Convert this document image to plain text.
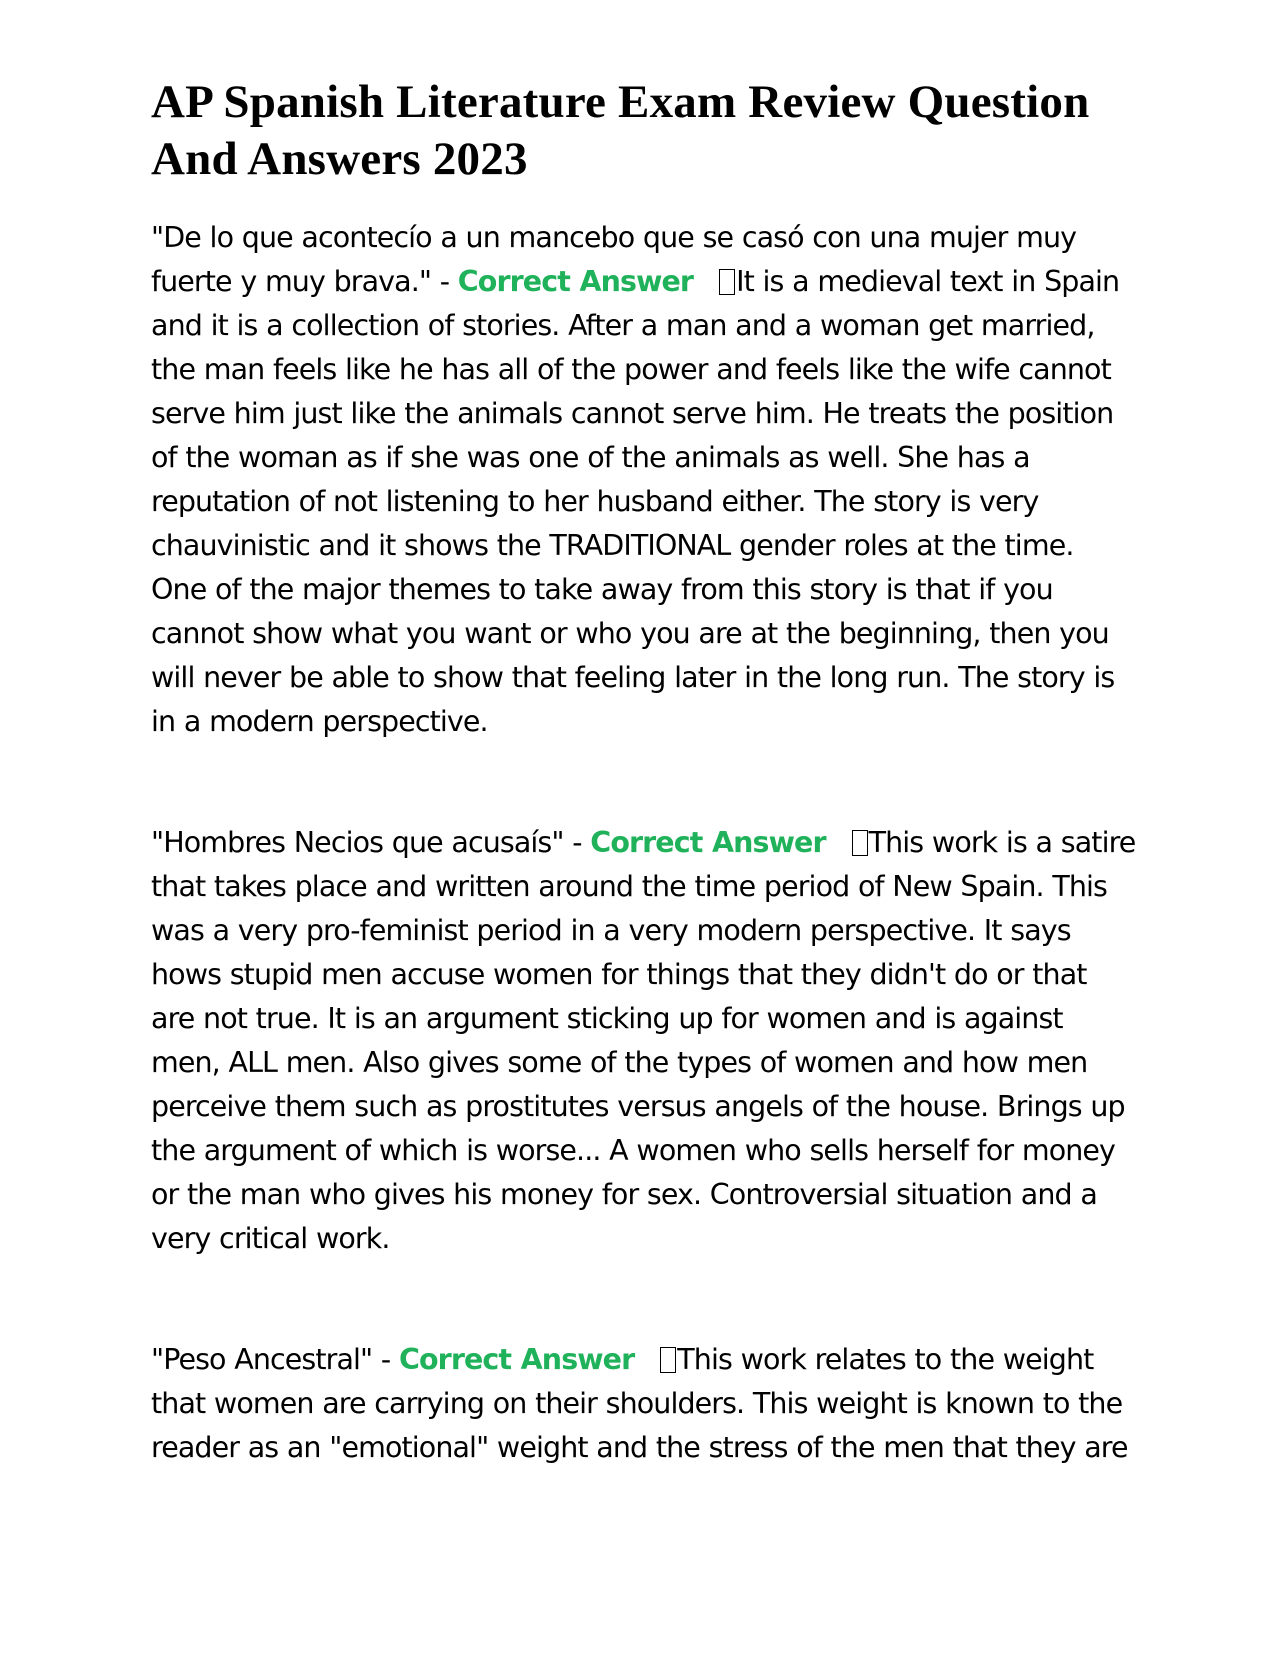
AP Spanish Literature Exam Review Question And Answers 2023

"De lo que acontecío a un mancebo que se casó con una mujer muy fuerte y muy brava." - Correct Answer It is a medieval text in Spain and it is a collection of stories. After a man and a woman get married, the man feels like he has all of the power and feels like the wife cannot serve him just like the animals cannot serve him. He treats the position of the woman as if she was one of the animals as well. She has a reputation of not listening to her husband either. The story is very chauvinistic and it shows the TRADITIONAL gender roles at the time. One of the major themes to take away from this story is that if you cannot show what you want or who you are at the beginning, then you will never be able to show that feeling later in the long run. The story is in a modern perspective.

"Hombres Necios que acusaís" - Correct Answer This work is a satire that takes place and written around the time period of New Spain. This was a very pro-feminist period in a very modern perspective. It says hows stupid men accuse women for things that they didn't do or that are not true. It is an argument sticking up for women and is against men, ALL men. Also gives some of the types of women and how men perceive them such as prostitutes versus angels of the house. Brings up the argument of which is worse... A women who sells herself for money or the man who gives his money for sex. Controversial situation and a very critical work.

"Peso Ancestral" - Correct Answer This work relates to the weight that women are carrying on their shoulders. This weight is known to the reader as an "emotional" weight and the stress of the men that they are
